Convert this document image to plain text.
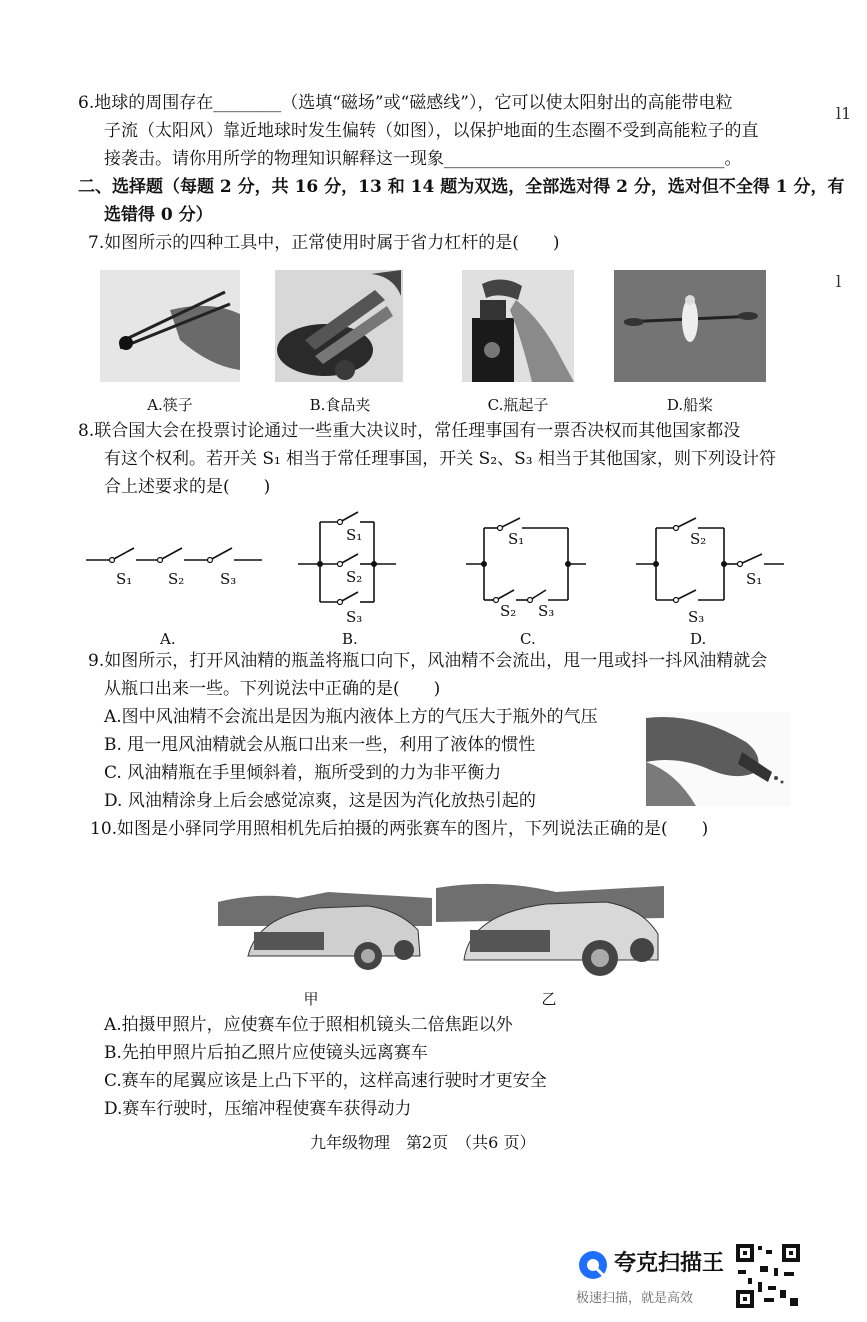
l1
l
6.地球的周围存在________（选填“磁场”或“磁感线”），它可以使太阳射出的高能带电粒
子流（太阳风）靠近地球时发生偏转（如图），以保护地面的生态圈不受到高能粒子的直
接袭击。请你用所学的物理知识解释这一现象_________________________________。
二、选择题（每题 2 分，共 16 分，13 和 14 题为双选，全部选对得 2 分，选对但不全得 1 分，有
选错得 0 分）
7.如图所示的四种工具中，正常使用时属于省力杠杆的是(　　)
A.筷子	B.食品夹	C.瓶起子	D.船桨
8.联合国大会在投票讨论通过一些重大决议时，常任理事国有一票否决权而其他国家都没
有这个权利。若开关 S₁ 相当于常任理事国，开关 S₂、S₃ 相当于其他国家，则下列设计符
合上述要求的是(　　)
S₁ S₂ S₃
S₁
S₂
S₃
S₁
S₂ S₃
S₂
S₃
S₁
A.	B.	C.	D.
9.如图所示，打开风油精的瓶盖将瓶口向下，风油精不会流出，甩一甩或抖一抖风油精就会
从瓶口出来一些。下列说法中正确的是(　　)
A.图中风油精不会流出是因为瓶内液体上方的气压大于瓶外的气压
B. 甩一甩风油精就会从瓶口出来一些，利用了液体的惯性
C. 风油精瓶在手里倾斜着，瓶所受到的力为非平衡力
D. 风油精涂身上后会感觉凉爽，这是因为汽化放热引起的
10.如图是小驿同学用照相机先后拍摄的两张赛车的图片，下列说法正确的是(　　)
甲	乙
A.拍摄甲照片，应使赛车位于照相机镜头二倍焦距以外
B.先拍甲照片后拍乙照片应使镜头远离赛车
C.赛车的尾翼应该是上凸下平的，这样高速行驶时才更安全
D.赛车行驶时，压缩冲程使赛车获得动力
九年级物理　第2页　（共6 页）
夸克扫描王
极速扫描，就是高效
